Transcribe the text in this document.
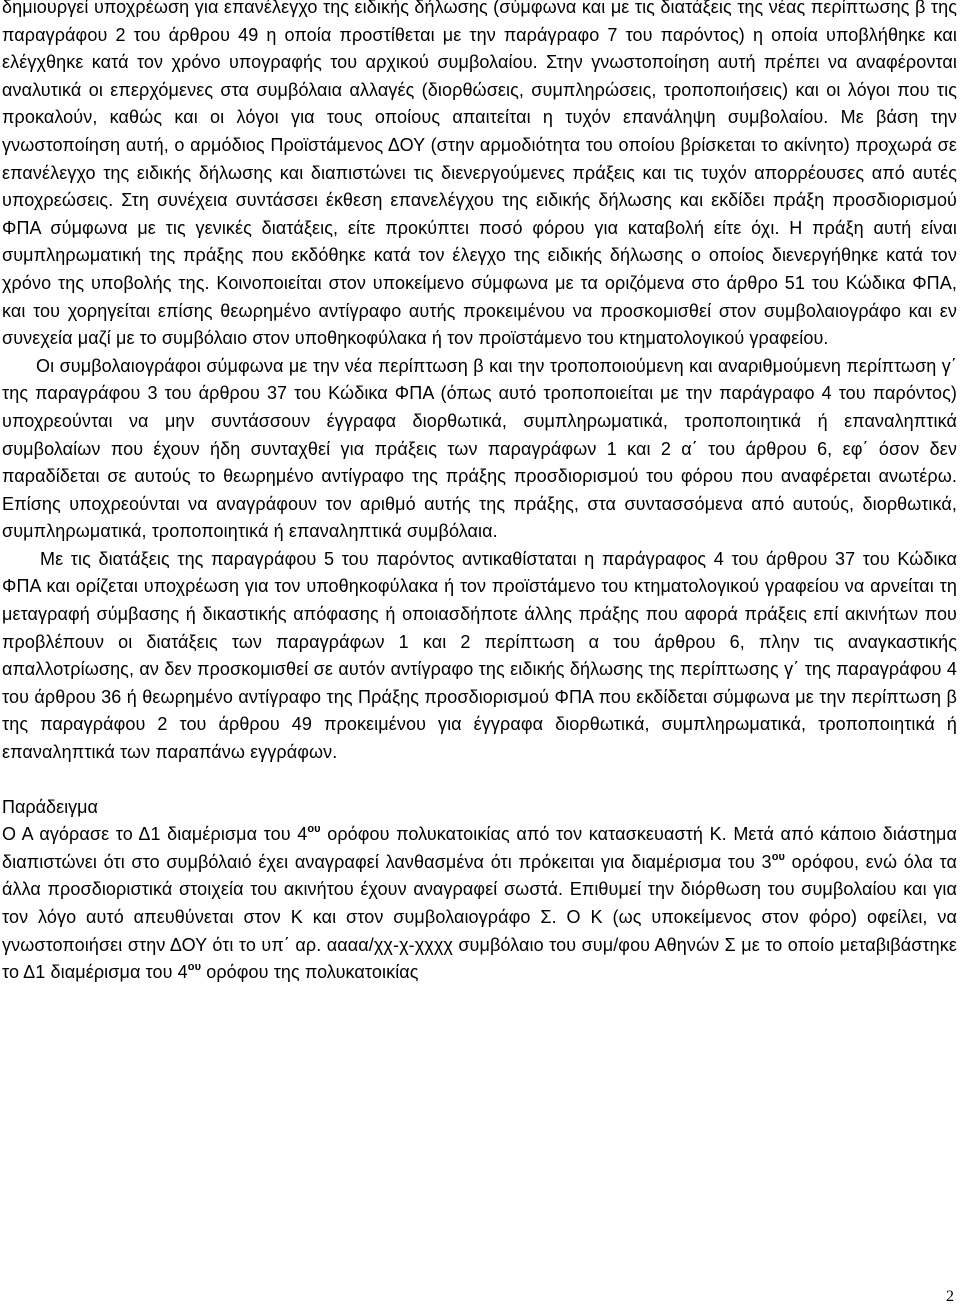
δημιουργεί υποχρέωση για επανέλεγχο της ειδικής δήλωσης (σύμφωνα και με τις διατάξεις της νέας περίπτωσης β της παραγράφου 2 του άρθρου 49 η οποία προστίθεται με την παράγραφο 7 του παρόντος) η οποία υποβλήθηκε και ελέγχθηκε κατά τον χρόνο υπογραφής του αρχικού συμβολαίου. Στην γνωστοποίηση αυτή πρέπει να αναφέρονται αναλυτικά οι επερχόμενες στα συμβόλαια αλλαγές (διορθώσεις, συμπληρώσεις, τροποποιήσεις) και οι λόγοι που τις προκαλούν, καθώς και οι λόγοι για τους οποίους απαιτείται η τυχόν επανάληψη συμβολαίου. Με βάση την γνωστοποίηση αυτή, ο αρμόδιος Προϊστάμενος ΔΟΥ (στην αρμοδιότητα του οποίου βρίσκεται το ακίνητο) προχωρά σε επανέλεγχο της ειδικής δήλωσης και διαπιστώνει τις διενεργούμενες πράξεις και τις τυχόν απορρέουσες από αυτές υποχρεώσεις. Στη συνέχεια συντάσσει έκθεση επανελέγχου της ειδικής δήλωσης και εκδίδει πράξη προσδιορισμού ΦΠΑ σύμφωνα με τις γενικές διατάξεις, είτε προκύπτει ποσό φόρου για καταβολή είτε όχι. Η πράξη αυτή είναι συμπληρωματική της πράξης που εκδόθηκε κατά τον έλεγχο της ειδικής δήλωσης ο οποίος διενεργήθηκε κατά τον χρόνο της υποβολής της. Κοινοποιείται στον υποκείμενο σύμφωνα με τα οριζόμενα στο άρθρο 51 του Κώδικα ΦΠΑ, και του χορηγείται επίσης θεωρημένο αντίγραφο αυτής προκειμένου να προσκομισθεί στον συμβολαιογράφο και εν συνεχεία μαζί με το συμβόλαιο στον υποθηκοφύλακα ή τον προϊστάμενο του κτηματολογικού γραφείου.

Οι συμβολαιογράφοι σύμφωνα με την νέα περίπτωση β και την τροποποιούμενη και αναριθμούμενη περίπτωση γ΄ της παραγράφου 3 του άρθρου 37 του Κώδικα ΦΠΑ (όπως αυτό τροποποιείται με την παράγραφο 4 του παρόντος) υποχρεούνται να μην συντάσσουν έγγραφα διορθωτικά, συμπληρωματικά, τροποποιητικά ή επαναληπτικά συμβολαίων που έχουν ήδη συνταχθεί για πράξεις των παραγράφων 1 και 2 α΄ του άρθρου 6, εφ΄ όσον δεν παραδίδεται σε αυτούς το θεωρημένο αντίγραφο της πράξης προσδιορισμού του φόρου που αναφέρεται ανωτέρω. Επίσης υποχρεούνται να αναγράφουν τον αριθμό αυτής της πράξης, στα συντασσόμενα από αυτούς, διορθωτικά, συμπληρωματικά, τροποποιητικά ή επαναληπτικά συμβόλαια.

Με τις διατάξεις της παραγράφου 5 του παρόντος αντικαθίσταται η παράγραφος 4 του άρθρου 37 του Κώδικα ΦΠΑ και ορίζεται υποχρέωση για τον υποθηκοφύλακα ή τον προϊστάμενο του κτηματολογικού γραφείου να αρνείται τη μεταγραφή σύμβασης ή δικαστικής απόφασης ή οποιασδήποτε άλλης πράξης που αφορά πράξεις επί ακινήτων που προβλέπουν οι διατάξεις των παραγράφων 1 και 2 περίπτωση α του άρθρου 6, πλην τις αναγκαστικής απαλλοτρίωσης, αν δεν προσκομισθεί σε αυτόν αντίγραφο της ειδικής δήλωσης της περίπτωσης γ΄ της παραγράφου 4 του άρθρου 36 ή θεωρημένο αντίγραφο της Πράξης προσδιορισμού ΦΠΑ που εκδίδεται σύμφωνα με την περίπτωση β της παραγράφου 2 του άρθρου 49 προκειμένου για έγγραφα διορθωτικά, συμπληρωματικά, τροποποιητικά ή επαναληπτικά των παραπάνω εγγράφων.

Παράδειγμα

Ο Α αγόρασε το Δ1 διαμέρισμα του $4^{o\upsilon}$ ορόφου πολυκατοικίας από τον κατασκευαστή Κ. Μετά από κάποιο διάστημα διαπιστώνει ότι στο συμβόλαιό έχει αναγραφεί λανθασμένα ότι πρόκειται για διαμέρισμα του $3^{o\upsilon}$ ορόφου, ενώ όλα τα άλλα προσδιοριστικά στοιχεία του ακινήτου έχουν αναγραφεί σωστά. Επιθυμεί την διόρθωση του συμβολαίου και για τον λόγο αυτό απευθύνεται στον Κ και στον συμβολαιογράφο Σ. Ο Κ (ως υποκείμενος στον φόρο) οφείλει, να γνωστοποιήσει στην ΔΟΥ ότι το υπ΄ αρ. αααα/χχ-χ-χχχχ συμβόλαιο του συμ/φου Αθηνών Σ με το οποίο μεταβιβάστηκε το Δ1 διαμέρισμα του $4^{o\upsilon}$ ορόφου της πολυκατοικίας

2
